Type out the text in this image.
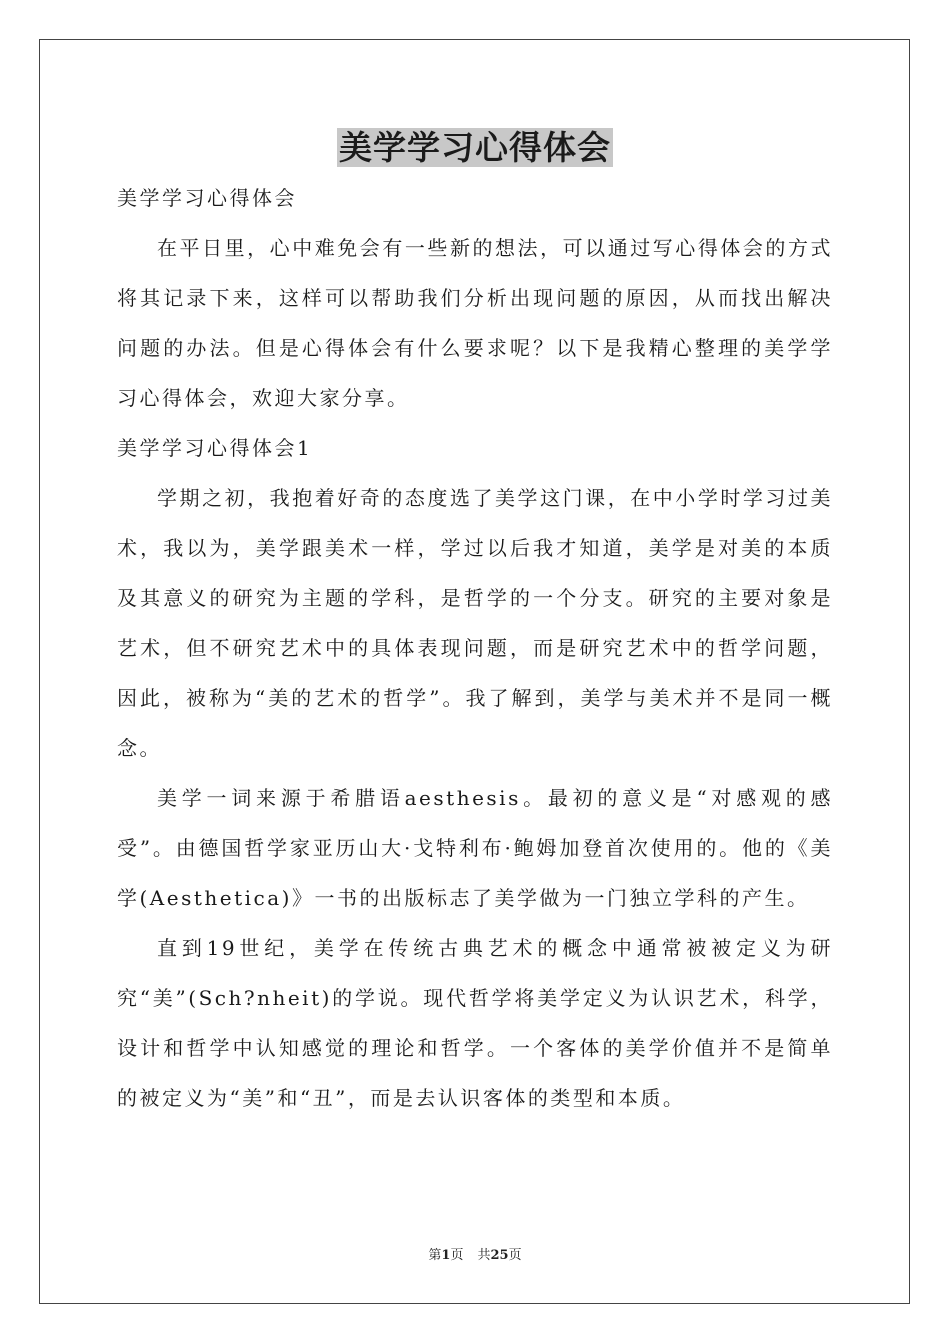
美学学习心得体会

美学学习心得体会

在平日里，心中难免会有一些新的想法，可以通过写心得体会的方式将其记录下来，这样可以帮助我们分析出现问题的原因，从而找出解决问题的办法。但是心得体会有什么要求呢？以下是我精心整理的美学学习心得体会，欢迎大家分享。

美学学习心得体会1

学期之初，我抱着好奇的态度选了美学这门课，在中小学时学习过美术，我以为，美学跟美术一样，学过以后我才知道，美学是对美的本质及其意义的研究为主题的学科，是哲学的一个分支。研究的主要对象是艺术，但不研究艺术中的具体表现问题，而是研究艺术中的哲学问题，因此，被称为“美的艺术的哲学”。我了解到，美学与美术并不是同一概念。

美学一词来源于希腊语aesthesis。最初的意义是“对感观的感受”。由德国哲学家亚历山大·戈特利布·鲍姆加登首次使用的。他的《美学(Aesthetica)》一书的出版标志了美学做为一门独立学科的产生。

直到19世纪，美学在传统古典艺术的概念中通常被被定义为研究“美”(Sch?nheit)的学说。现代哲学将美学定义为认识艺术，科学，设计和哲学中认知感觉的理论和哲学。一个客体的美学价值并不是简单的被定义为“美”和“丑”，而是去认识客体的类型和本质。

第1页 共25页
